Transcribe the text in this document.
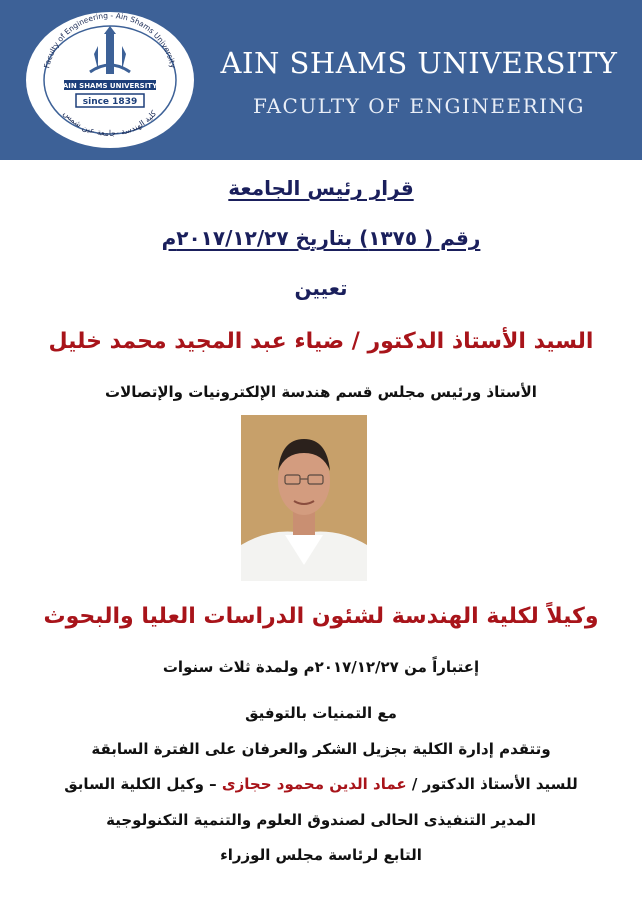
Faculty of Engineering - Ain Shams University
كلية الهندسة -جامعة عين شمس
AIN SHAMS UNIVERSITY
since 1839
AIN SHAMS UNIVERSITY
FACULTY OF ENGINEERING
قرار رئيس الجامعة
رقم ( ١٣٧٥) بتاريخ ٢٠١٧/١٢/٢٧م
تعيين
السيد الأستاذ الدكتور / ضياء عبد المجيد محمد خليل
الأستاذ ورئيس مجلس قسم هندسة الإلكترونيات والإتصالات
وكيلاً لكلية الهندسة لشئون الدراسات العليا والبحوث
إعتباراً من ٢٠١٧/١٢/٢٧م ولمدة ثلاث سنوات
مع التمنيات بالتوفيق
وتتقدم إدارة الكلية بجزيل الشكر والعرفان على الفترة السابقة
للسيد الأستاذ الدكتور / عماد الدين محمود حجازى – وكيل الكلية السابق
المدير التنفيذى الحالى لصندوق العلوم والتنمية التكنولوجية
التابع لرئاسة مجلس الوزراء
